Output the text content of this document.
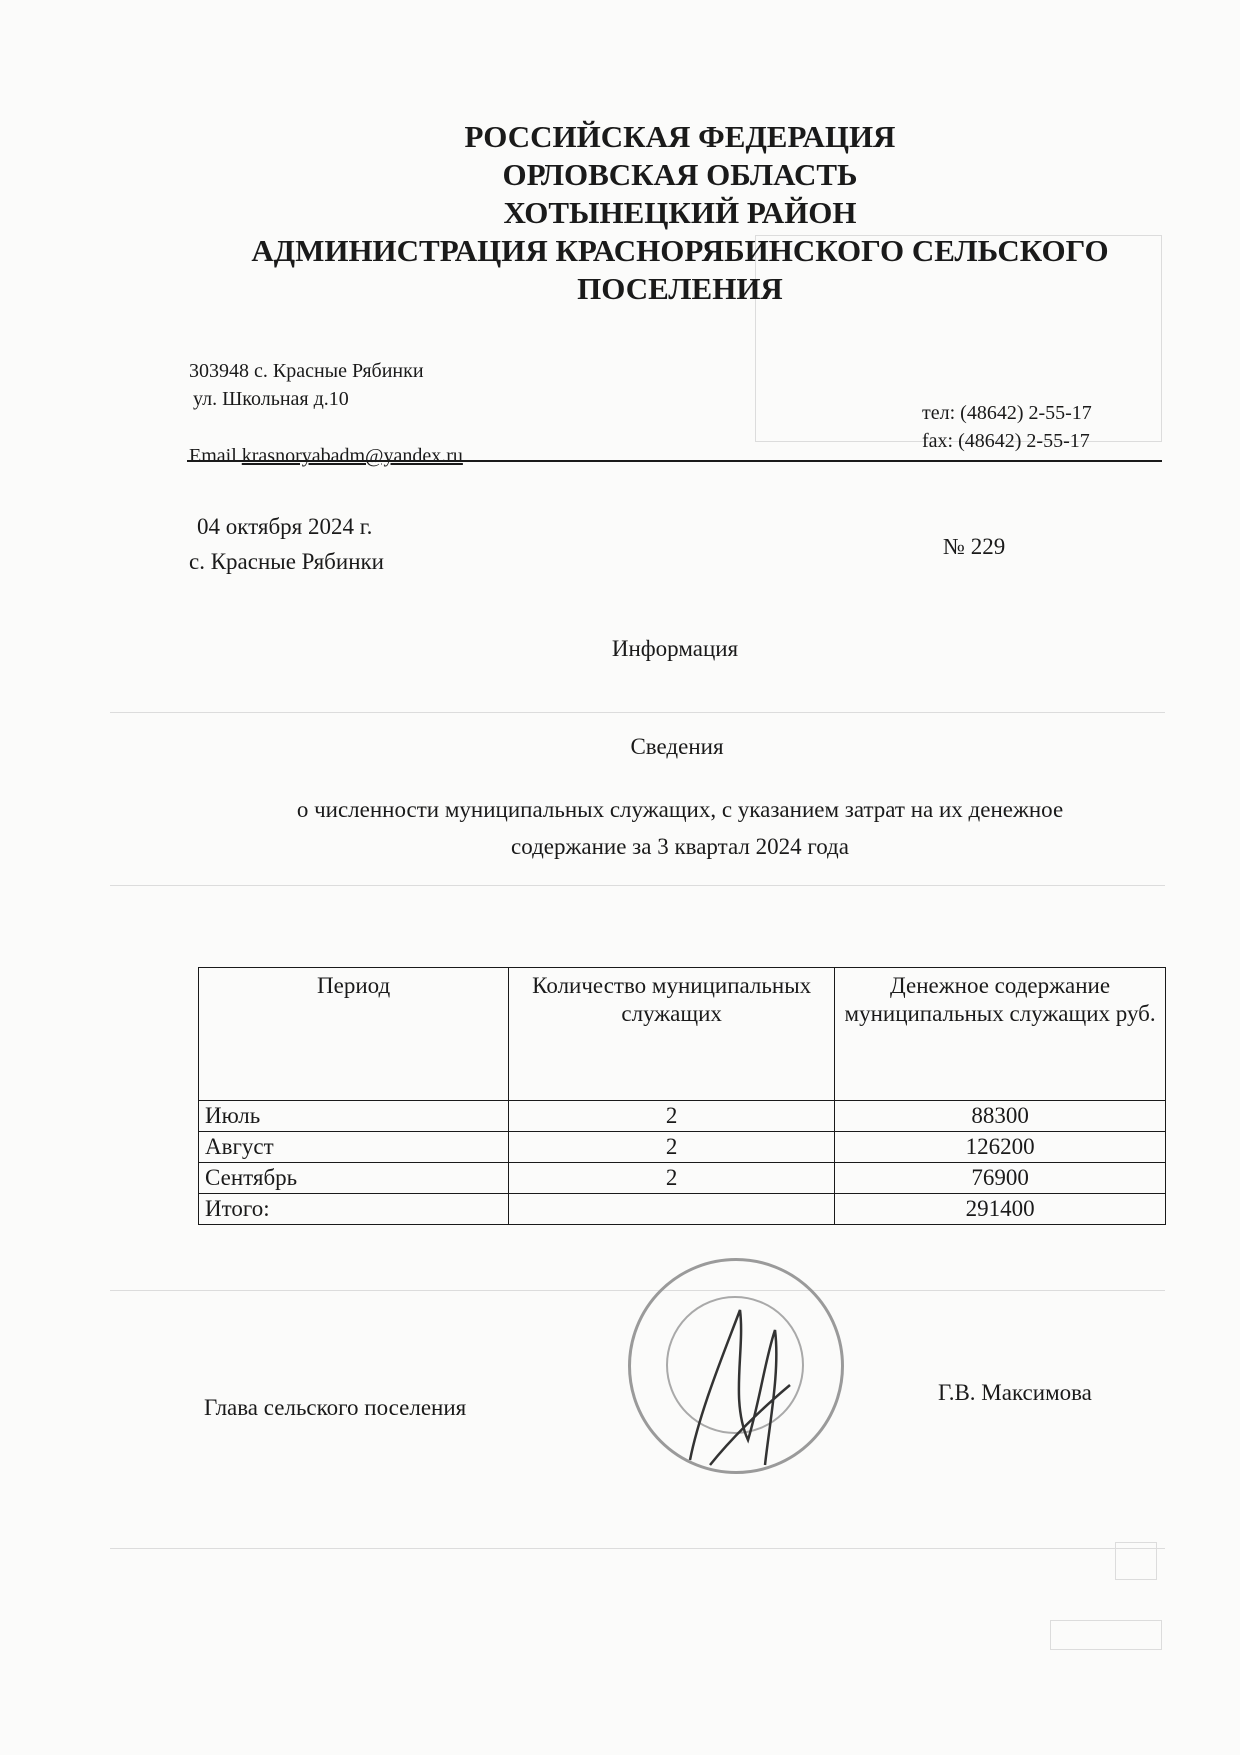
РОССИЙСКАЯ ФЕДЕРАЦИЯ
ОРЛОВСКАЯ ОБЛАСТЬ
ХОТЫНЕЦКИЙ РАЙОН
АДМИНИСТРАЦИЯ КРАСНОРЯБИНСКОГО СЕЛЬСКОГО
ПОСЕЛЕНИЯ
303948 с. Красные Рябинки
ул. Школьная д.10
Email krasnoryabadm@yandex.ru
тел: (48642) 2-55-17
fax: (48642) 2-55-17
04 октября 2024 г.
с. Красные Рябинки
№ 229
Информация
Сведения
о численности муниципальных служащих, с указанием затрат на их денежное
содержание за 3 квартал 2024 года
Период	Количество муниципальных служащих	Денежное содержание муниципальных служащих руб.
Июль	2	88300
Август	2	126200
Сентябрь	2	76900
Итого:		291400
Глава сельского поселения
Г.В. Максимова
